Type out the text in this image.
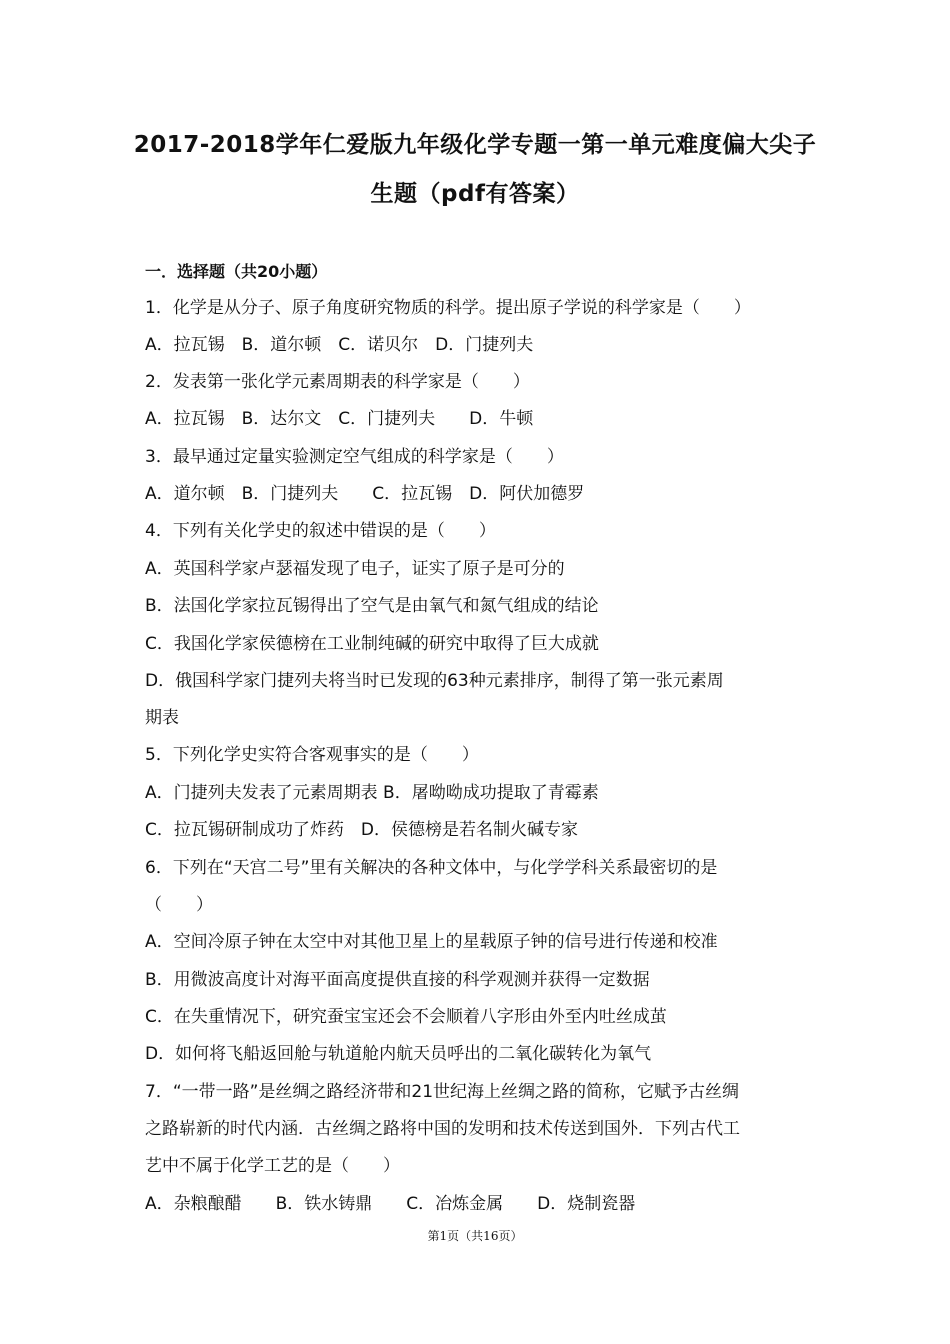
2017-2018学年仁爱版九年级化学专题一第一单元难度偏大尖子
生题（pdf有答案）
一．选择题（共20小题）
1．化学是从分子、原子角度研究物质的科学。提出原子学说的科学家是（　　）
A．拉瓦锡　B．道尔顿　C．诺贝尔　D．门捷列夫
2．发表第一张化学元素周期表的科学家是（　　）
A．拉瓦锡　B．达尔文　C．门捷列夫　　D．牛顿
3．最早通过定量实验测定空气组成的科学家是（　　）
A．道尔顿　B．门捷列夫　　C．拉瓦锡　D．阿伏加德罗
4．下列有关化学史的叙述中错误的是（　　）
A．英国科学家卢瑟福发现了电子，证实了原子是可分的
B．法国化学家拉瓦锡得出了空气是由氧气和氮气组成的结论
C．我国化学家侯德榜在工业制纯碱的研究中取得了巨大成就
D．俄国科学家门捷列夫将当时已发现的63种元素排序，制得了第一张元素周
期表
5．下列化学史实符合客观事实的是（　　）
A．门捷列夫发表了元素周期表 B．屠呦呦成功提取了青霉素
C．拉瓦锡研制成功了炸药　D．侯德榜是若名制火碱专家
6．下列在“天宫二号”里有关解决的各种文体中，与化学学科关系最密切的是
（　　）
A．空间冷原子钟在太空中对其他卫星上的星载原子钟的信号进行传递和校准
B．用微波高度计对海平面高度提供直接的科学观测并获得一定数据
C．在失重情况下，研究蚕宝宝还会不会顺着八字形由外至内吐丝成茧
D．如何将飞船返回舱与轨道舱内航天员呼出的二氧化碳转化为氧气
7．“一带一路”是丝绸之路经济带和21世纪海上丝绸之路的简称，它赋予古丝绸
之路崭新的时代内涵．古丝绸之路将中国的发明和技术传送到国外．下列古代工
艺中不属于化学工艺的是（　　）
A．杂粮酿醋　　B．铁水铸鼎　　C．冶炼金属　　D．烧制瓷器
第1页（共16页）
